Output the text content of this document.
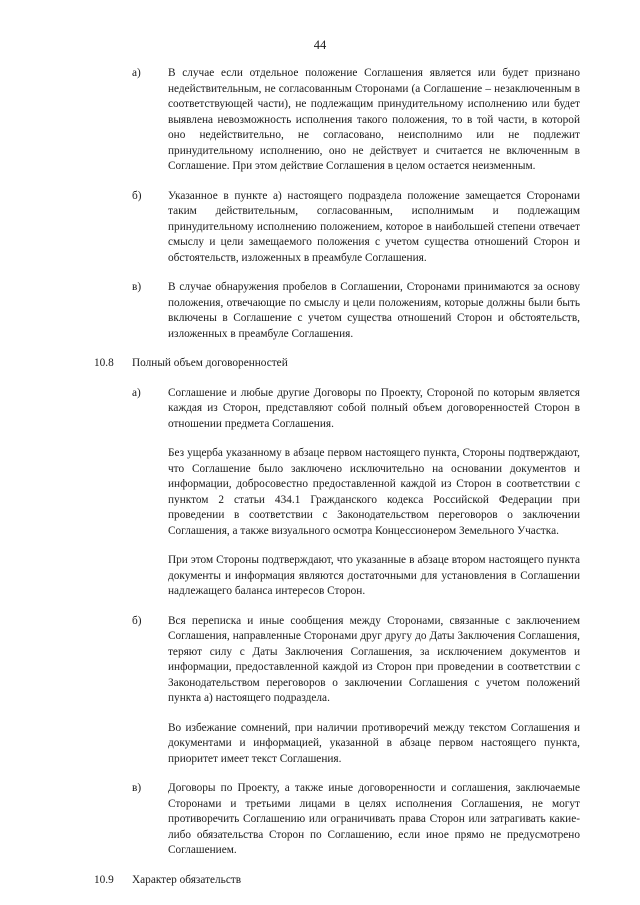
44
а) В случае если отдельное положение Соглашения является или будет признано недействительным, не согласованным Сторонами (а Соглашение – незаключенным в соответствующей части), не подлежащим принудительному исполнению или будет выявлена невозможность исполнения такого положения, то в той части, в которой оно недействительно, не согласовано, неисполнимо или не подлежит принудительному исполнению, оно не действует и считается не включенным в Соглашение. При этом действие Соглашения в целом остается неизменным.
б) Указанное в пункте а) настоящего подраздела положение замещается Сторонами таким действительным, согласованным, исполнимым и подлежащим принудительному исполнению положением, которое в наибольшей степени отвечает смыслу и цели замещаемого положения с учетом существа отношений Сторон и обстоятельств, изложенных в преамбуле Соглашения.
в) В случае обнаружения пробелов в Соглашении, Сторонами принимаются за основу положения, отвечающие по смыслу и цели положениям, которые должны были быть включены в Соглашение с учетом существа отношений Сторон и обстоятельств, изложенных в преамбуле Соглашения.
10.8 Полный объем договоренностей
а) Соглашение и любые другие Договоры по Проекту, Стороной по которым является каждая из Сторон, представляют собой полный объем договоренностей Сторон в отношении предмета Соглашения.
Без ущерба указанному в абзаце первом настоящего пункта, Стороны подтверждают, что Соглашение было заключено исключительно на основании документов и информации, добросовестно предоставленной каждой из Сторон в соответствии с пунктом 2 статьи 434.1 Гражданского кодекса Российской Федерации при проведении в соответствии с Законодательством переговоров о заключении Соглашения, а также визуального осмотра Концессионером Земельного Участка.
При этом Стороны подтверждают, что указанные в абзаце втором настоящего пункта документы и информация являются достаточными для установления в Соглашении надлежащего баланса интересов Сторон.
б) Вся переписка и иные сообщения между Сторонами, связанные с заключением Соглашения, направленные Сторонами друг другу до Даты Заключения Соглашения, теряют силу с Даты Заключения Соглашения, за исключением документов и информации, предоставленной каждой из Сторон при проведении в соответствии с Законодательством переговоров о заключении Соглашения с учетом положений пункта а) настоящего подраздела.
Во избежание сомнений, при наличии противоречий между текстом Соглашения и документами и информацией, указанной в абзаце первом настоящего пункта, приоритет имеет текст Соглашения.
в) Договоры по Проекту, а также иные договоренности и соглашения, заключаемые Сторонами и третьими лицами в целях исполнения Соглашения, не могут противоречить Соглашению или ограничивать права Сторон или затрагивать какие-либо обязательства Сторон по Соглашению, если иное прямо не предусмотрено Соглашением.
10.9 Характер обязательств
